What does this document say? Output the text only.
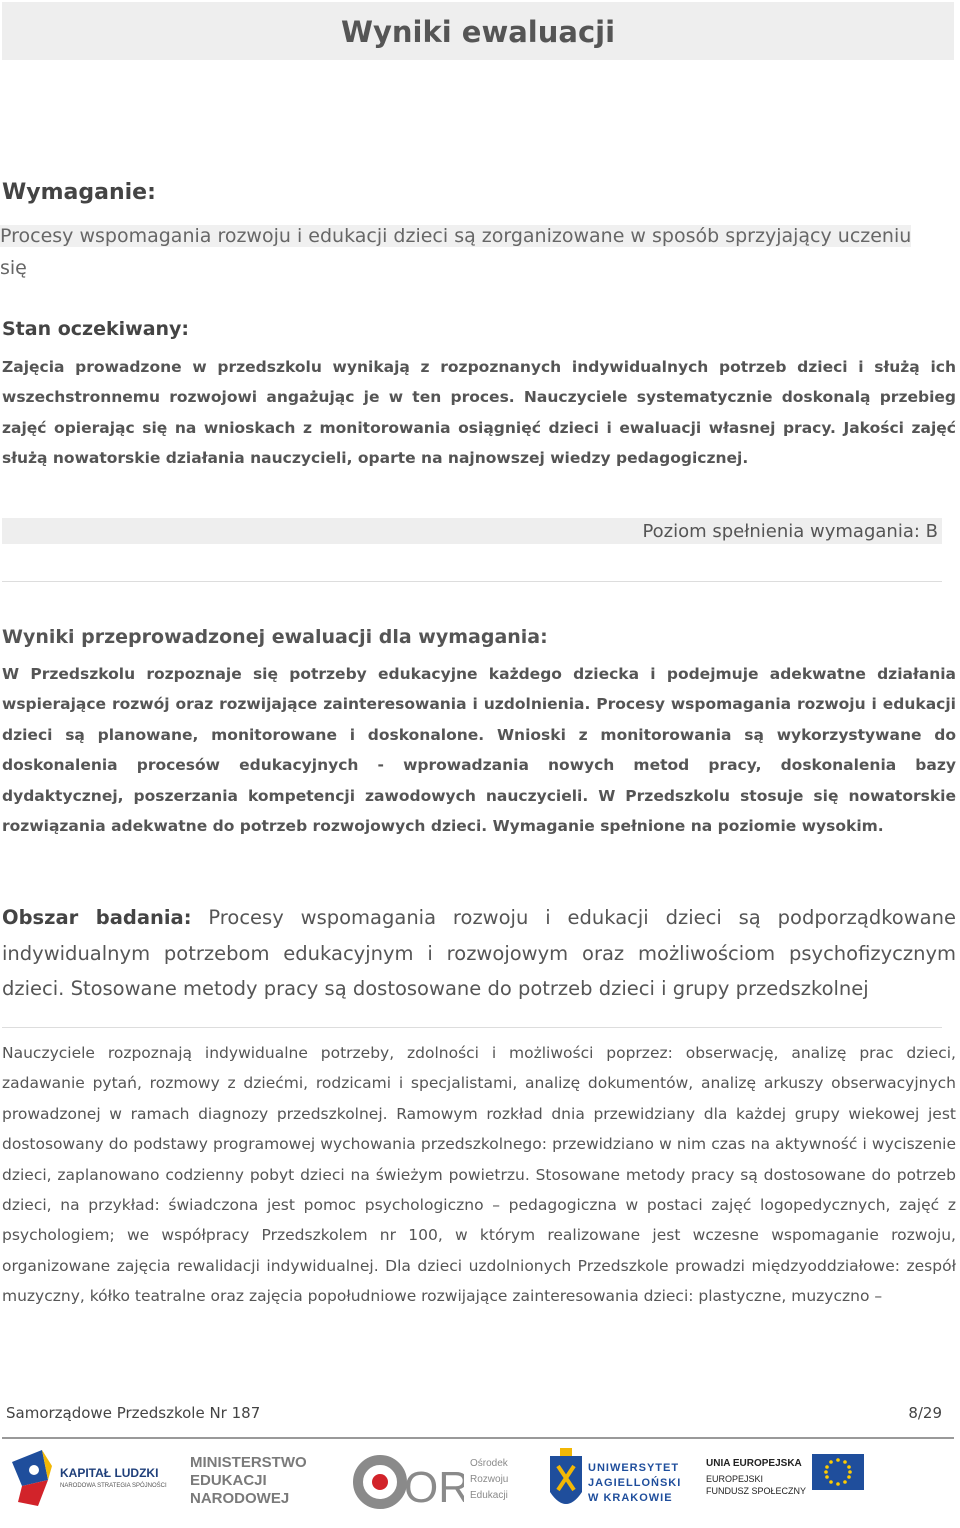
Wyniki ewaluacji
Wymaganie:
Procesy wspomagania rozwoju i edukacji dzieci są zorganizowane w sposób sprzyjający uczeniu
się
Stan oczekiwany:
Zajęcia prowadzone w przedszkolu wynikają z rozpoznanych indywidualnych potrzeb dzieci i służą ich wszechstronnemu rozwojowi angażując je w ten proces. Nauczyciele systematycznie doskonalą przebieg zajęć opierając się na wnioskach z monitorowania osiągnięć dzieci i ewaluacji własnej pracy. Jakości zajęć służą nowatorskie działania nauczycieli, oparte na najnowszej wiedzy pedagogicznej.
Poziom spełnienia wymagania: B
Wyniki przeprowadzonej ewaluacji dla wymagania:
W Przedszkolu rozpoznaje się potrzeby edukacyjne każdego dziecka i podejmuje adekwatne działania wspierające rozwój oraz rozwijające zainteresowania i uzdolnienia. Procesy wspomagania rozwoju i edukacji dzieci są planowane, monitorowane i doskonalone. Wnioski z monitorowania są wykorzystywane do doskonalenia procesów edukacyjnych - wprowadzania nowych metod pracy, doskonalenia bazy dydaktycznej, poszerzania kompetencji zawodowych nauczycieli. W Przedszkolu stosuje się nowatorskie rozwiązania adekwatne do potrzeb rozwojowych dzieci. Wymaganie spełnione na poziomie wysokim.
Obszar badania: Procesy wspomagania rozwoju i edukacji dzieci są podporządkowane indywidualnym potrzebom edukacyjnym i rozwojowym oraz możliwościom psychofizycznym dzieci. Stosowane metody pracy są dostosowane do potrzeb dzieci i grupy przedszkolnej
Nauczyciele rozpoznają indywidualne potrzeby, zdolności i możliwości poprzez: obserwację, analizę prac dzieci, zadawanie pytań, rozmowy z dziećmi, rodzicami i specjalistami, analizę dokumentów, analizę arkuszy obserwacyjnych prowadzonej w ramach diagnozy przedszkolnej. Ramowym rozkład dnia przewidziany dla każdej grupy wiekowej jest dostosowany do podstawy programowej wychowania przedszkolnego: przewidziano w nim czas na aktywność i wyciszenie dzieci, zaplanowano codzienny pobyt dzieci na świeżym powietrzu. Stosowane metody pracy są dostosowane do potrzeb dzieci, na przykład: świadczona jest pomoc psychologiczno – pedagogiczna w postaci zajęć logopedycznych, zajęć z psychologiem; we współpracy Przedszkolem nr 100, w którym realizowane jest wczesne wspomaganie rozwoju, organizowane zajęcia rewalidacji indywidualnej. Dla dzieci uzdolnionych Przedszkole prowadzi międzyoddziałowe: zespół muzyczny, kółko teatralne oraz zajęcia popołudniowe rozwijające zainteresowania dzieci: plastyczne, muzyczno –
Samorządowe Przedszkole Nr 187	8/29
KAPITAŁ LUDZKI
NARODOWA STRATEGIA SPÓJNOŚCI
MINISTERSTWO
EDUKACJI
NARODOWEJ	OR Ośrodek
Rozwoju
Edukacji
UNIWERSYTET
JAGIELLOŃSKI
W KRAKOWIE
UNIA EUROPEJSKA
EUROPEJSKI
FUNDUSZ SPOŁECZNY
